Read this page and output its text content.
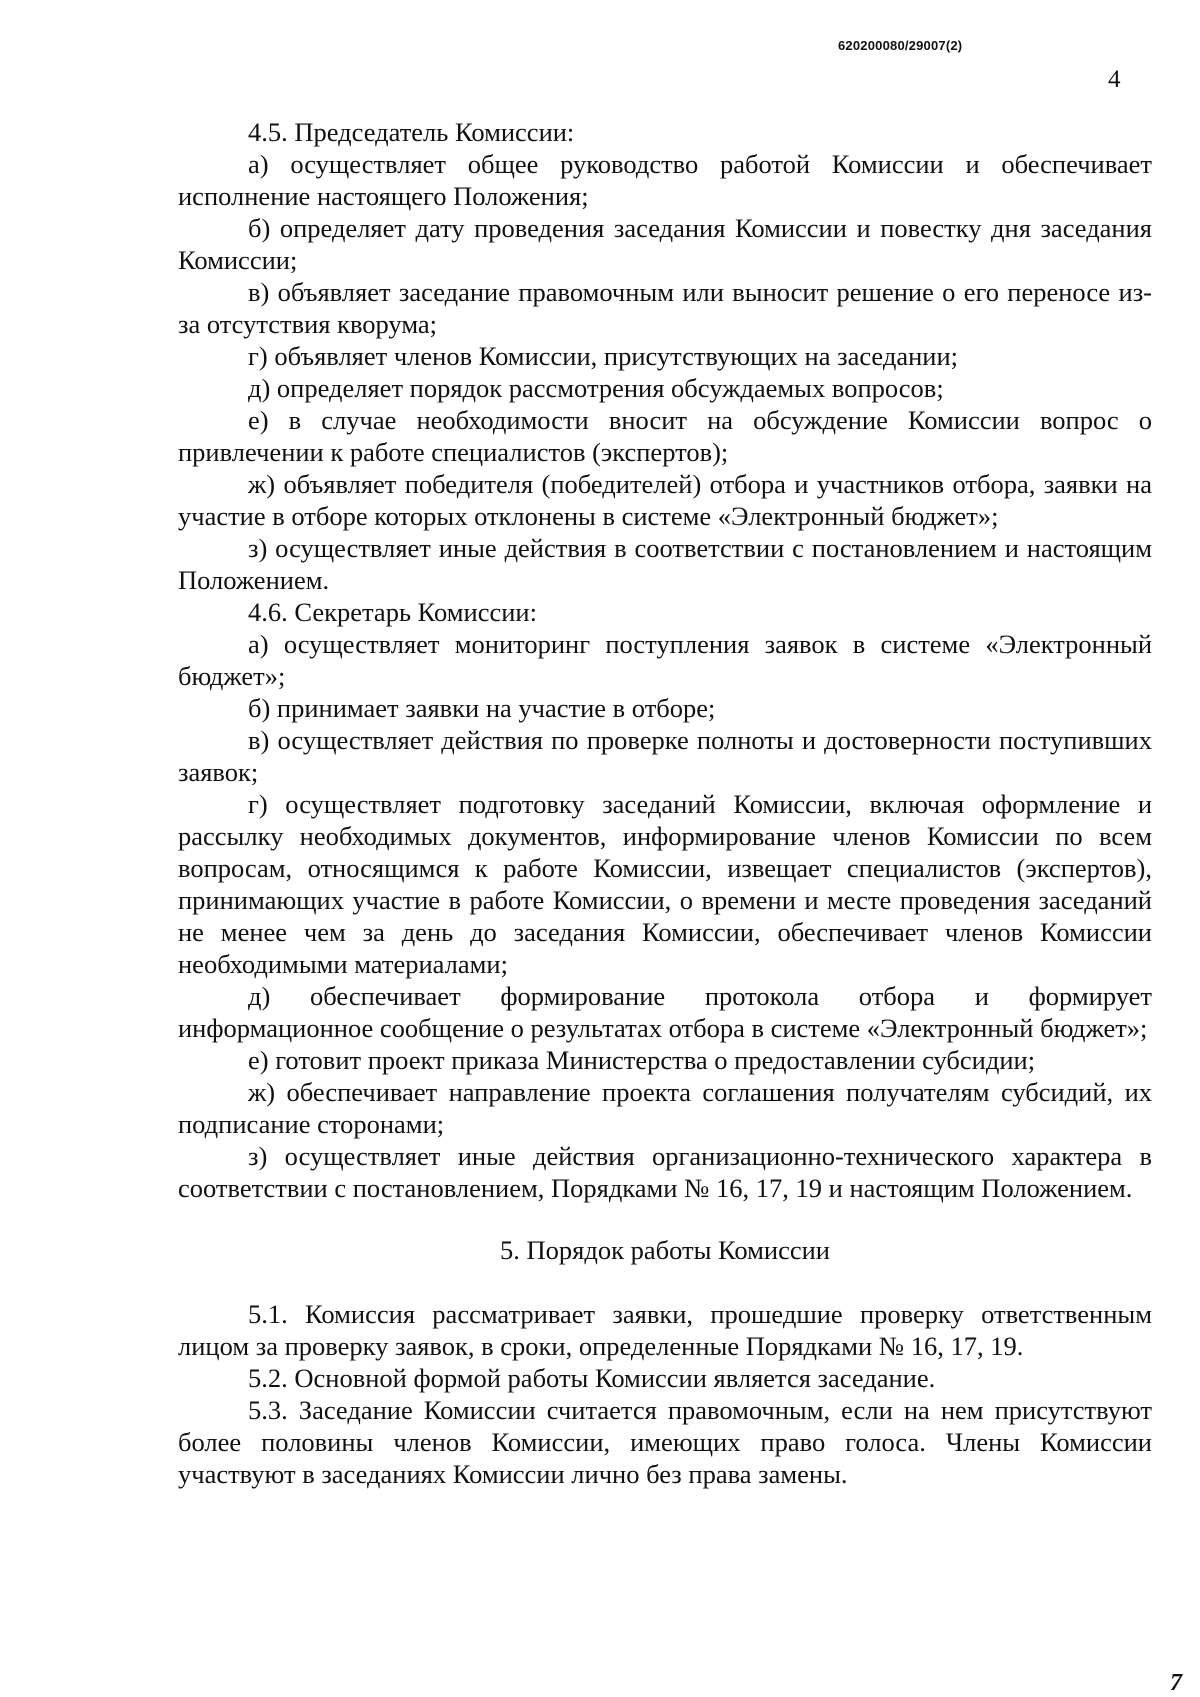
620200080/29007(2)
4

4.5. Председатель Комиссии:

а) осуществляет общее руководство работой Комиссии и обеспечивает исполнение настоящего Положения;

б) определяет дату проведения заседания Комиссии и повестку дня заседания Комиссии;

в) объявляет заседание правомочным или выносит решение о его переносе из-за отсутствия кворума;

г) объявляет членов Комиссии, присутствующих на заседании;

д) определяет порядок рассмотрения обсуждаемых вопросов;

е) в случае необходимости вносит на обсуждение Комиссии вопрос о привлечении к работе специалистов (экспертов);

ж) объявляет победителя (победителей) отбора и участников отбора, заявки на участие в отборе которых отклонены в системе «Электронный бюджет»;

з) осуществляет иные действия в соответствии с постановлением и настоящим Положением.

4.6. Секретарь Комиссии:

а) осуществляет мониторинг поступления заявок в системе «Электронный бюджет»;

б) принимает заявки на участие в отборе;

в) осуществляет действия по проверке полноты и достоверности поступивших заявок;

г) осуществляет подготовку заседаний Комиссии, включая оформление и рассылку необходимых документов, информирование членов Комиссии по всем вопросам, относящимся к работе Комиссии, извещает специалистов (экспертов), принимающих участие в работе Комиссии, о времени и месте проведения заседаний не менее чем за день до заседания Комиссии, обеспечивает членов Комиссии необходимыми материалами;

д) обеспечивает формирование протокола отбора и формирует информационное сообщение о результатах отбора в системе «Электронный бюджет»;

е) готовит проект приказа Министерства о предоставлении субсидии;

ж) обеспечивает направление проекта соглашения получателям субсидий, их подписание сторонами;

з) осуществляет иные действия организационно-технического характера в соответствии с постановлением, Порядками № 16, 17, 19 и настоящим Положением.

5. Порядок работы Комиссии

5.1. Комиссия рассматривает заявки, прошедшие проверку ответственным лицом за проверку заявок, в сроки, определенные Порядками № 16, 17, 19.

5.2. Основной формой работы Комиссии является заседание.

5.3. Заседание Комиссии считается правомочным, если на нем присутствуют более половины членов Комиссии, имеющих право голоса. Члены Комиссии участвуют в заседаниях Комиссии лично без права замены.

7
